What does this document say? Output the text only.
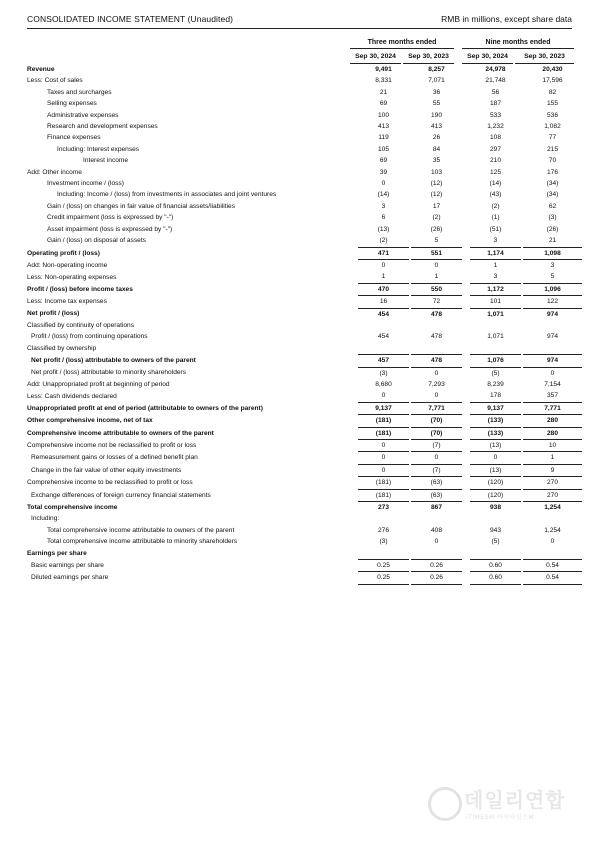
CONSOLIDATED INCOME STATEMENT (Unaudited)	RMB in millions, except share data
Three months ended	Nine months ended
Sep 30, 2024	Sep 30, 2023	Sep 30, 2024	Sep 30, 2023
Revenue		9,491		8,257		24,978		20,430
Less: Cost of sales		8,331		7,071		21,748		17,596
Taxes and surcharges		21		36		56		82
Selling expenses		69		55		187		155
Administrative expenses		100		190		533		536
Research and development expenses		413		413		1,232		1,082
Finance expenses		119		26		108		77
Including: Interest expenses		105		84		297		215
Interest income		69		35		210		70
Add: Other income		39		103		125		176
Investment income / (loss)		0		(12)		(14)		(34)
Including: Income / (loss) from investments in associates and joint ventures		(14)		(12)		(43)		(34)
Gain / (loss) on changes in fair value of financial assets/liabilities		3		17		(2)		62
Credit impairment (loss is expressed by "-")		6		(2)		(1)		(3)
Asset impairment (loss is expressed by "-")		(13)		(26)		(51)		(26)
Gain / (loss) on disposal of assets		(2)		5		3		21
Operating profit / (loss)		471		551		1,174		1,098
Add: Non-operating income		0		0		1		3
Less: Non-operating expenses		1		1		3		5
Profit / (loss) before income taxes		470		550		1,172		1,096
Less: Income tax expenses		16		72		101		122
Net profit / (loss)		454		478		1,071		974
Classified by continuity of operations								
Profit / (loss) from continuing operations		454		478		1,071		974
Classified by ownership								
Net profit / (loss) attributable to owners of the parent		457		478		1,076		974
Net profit / (loss) attributable to minority shareholders		(3)		0		(5)		0
Add: Unappropriated profit at beginning of period		8,680		7,293		8,239		7,154
Less: Cash dividends declared		0		0		178		357
Unappropriated profit at end of period (attributable to owners of the parent)		9,137		7,771		9,137		7,771
Other comprehensive income, net of tax		(181)		(70)		(133)		280
Comprehensive income attributable to owners of the parent		(181)		(70)		(133)		280
Comprehensive income not be reclassified to profit or loss		0		(7)		(13)		10
Remeasurement gains or losses of a defined benefit plan		0		0		0		1
Change in the fair value of other equity investments		0		(7)		(13)		9
Comprehensive income to be reclassified to profit or loss		(181)		(63)		(120)		270
Exchange differences of foreign currency financial statements		(181)		(63)		(120)		270
Total comprehensive income		273		867		938		1,254
Including:								
Total comprehensive income attributable to owners of the parent		276		408		943		1,254
Total comprehensive income attributable to minority shareholders		(3)		0		(5)		0
Earnings per share								
Basic earnings per share		0.25		0.26		0.60		0.54
Diluted earnings per share		0.25		0.26		0.60		0.54
데일리연합
iTIMESM 아이타임즈M
